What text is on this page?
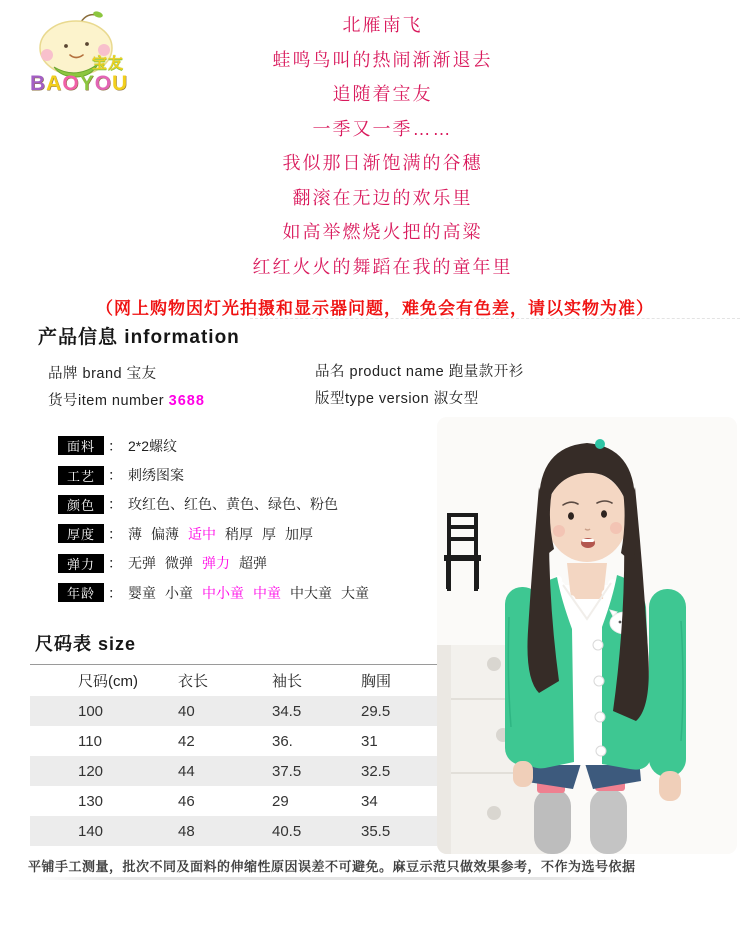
宝友
BAOYOU
北雁南飞
蛙鸣鸟叫的热闹渐渐退去
追随着宝友
一季又一季……
我似那日渐饱满的谷穗
翻滚在无边的欢乐里
如高举燃烧火把的高粱
红红火火的舞蹈在我的童年里
（网上购物因灯光拍摄和显示器问题，难免会有色差，请以实物为准）
产品信息 information
品牌 brand 宝友
货号item number 3688
品名 product name 跑量款开衫
版型type version 淑女型
面料 ： 2*2螺纹
工艺 ： 刺绣图案
颜色 ： 玫红色、红色、黄色、绿色、粉色
厚度 ： 薄 偏薄 适中 稍厚 厚 加厚
弹力 ： 无弹 微弹 弹力 超弹
年龄 ： 婴童 小童 中小童 中童 中大童 大童
尺码表 size
尺码(cm)	衣长	袖长	胸围
100	40	34.5	29.5
110	42	36.	31
120	44	37.5	32.5
130	46	29	34
140	48	40.5	35.5
平铺手工测量，批次不同及面料的伸缩性原因误差不可避免。麻豆示范只做效果参考，不作为选号依据
